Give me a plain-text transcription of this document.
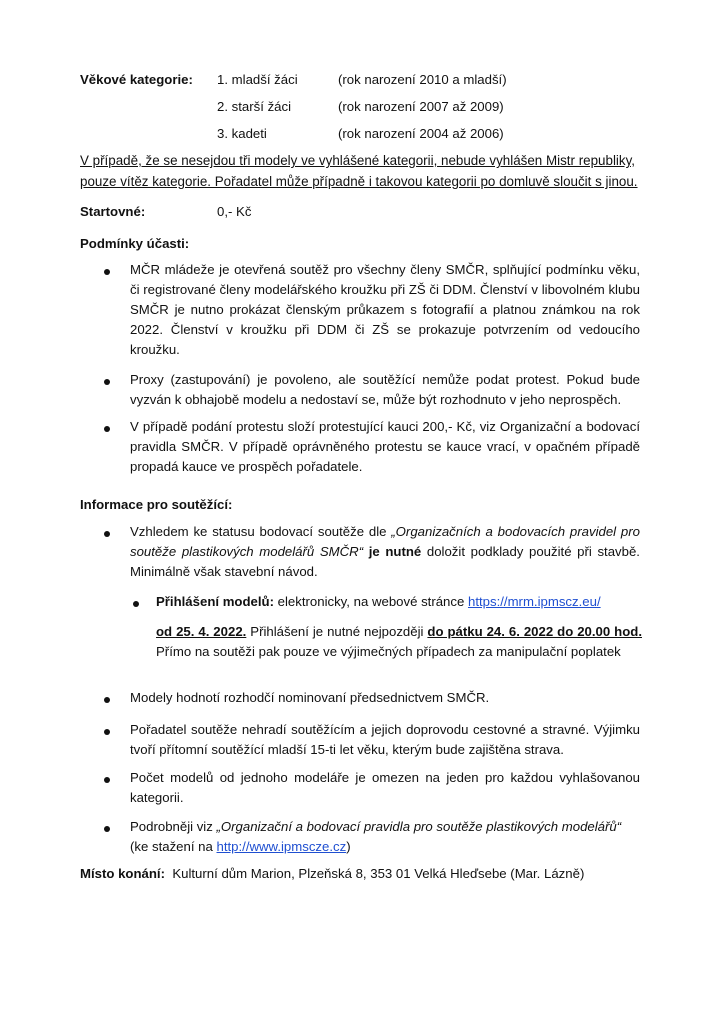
Věkové kategorie: 1. mladší žáci	(rok narození 2010 a mladší)
2. starší žáci	(rok narození 2007 až 2009)
3. kadeti	(rok narození 2004 až 2006)
V případě, že se nesejdou tři modely ve vyhlášené kategorii, nebude vyhlášen Mistr republiky,
pouze vítěz kategorie. Pořadatel může případně i takovou kategorii po domluvě sloučit s jinou.
Startovné:	0,- Kč
Podmínky účasti:

MČR mládeže je otevřená soutěž pro všechny členy SMČR, splňující podmínku věku, či registrované členy modelářského kroužku při ZŠ či DDM. Členství v libovolném klubu SMČR je nutno prokázat členským průkazem s fotografií a platnou známkou na rok 2022. Členství v kroužku při DDM či ZŠ se prokazuje potvrzením od vedoucího kroužku.

Proxy (zastupování) je povoleno, ale soutěžící nemůže podat protest. Pokud bude vyzván k obhajobě modelu a nedostaví se, může být rozhodnuto v jeho neprospěch.

V případě podání protestu složí protestující kauci 200,- Kč, viz Organizační a bodovací pravidla SMČR. V případě oprávněného protestu se kauce vrací, v opačném případě propadá kauce ve prospěch pořadatele.

Informace pro soutěžící:

Vzhledem ke statusu bodovací soutěže dle „Organizačních a bodovacích pravidel pro soutěže plastikových modelářů SMČR“ je nutné doložit podklady použité při stavbě. Minimálně však stavební návod.

Přihlášení modelů: elektronicky, na webové stránce https://mrm.ipmscz.eu/

od 25. 4. 2022. Přihlášení je nutné nejpozději do pátku 24. 6. 2022 do 20.00 hod. Přímo na soutěži pak pouze ve výjimečných případech za manipulační poplatek

Modely hodnotí rozhodčí nominovaní předsednictvem SMČR.

Pořadatel soutěže nehradí soutěžícím a jejich doprovodu cestovné a stravné. Výjimku tvoří přítomní soutěžící mladší 15-ti let věku, kterým bude zajištěna strava.

Počet modelů od jednoho modeláře je omezen na jeden pro každou vyhlašovanou kategorii.

Podrobněji viz „Organizační a bodovací pravidla pro soutěže plastikových modelářů“
(ke stažení na http://www.ipmscze.cz)

Místo konání: Kulturní dům Marion, Plzeňská 8, 353 01 Velká Hleďsebe (Mar. Lázně)
